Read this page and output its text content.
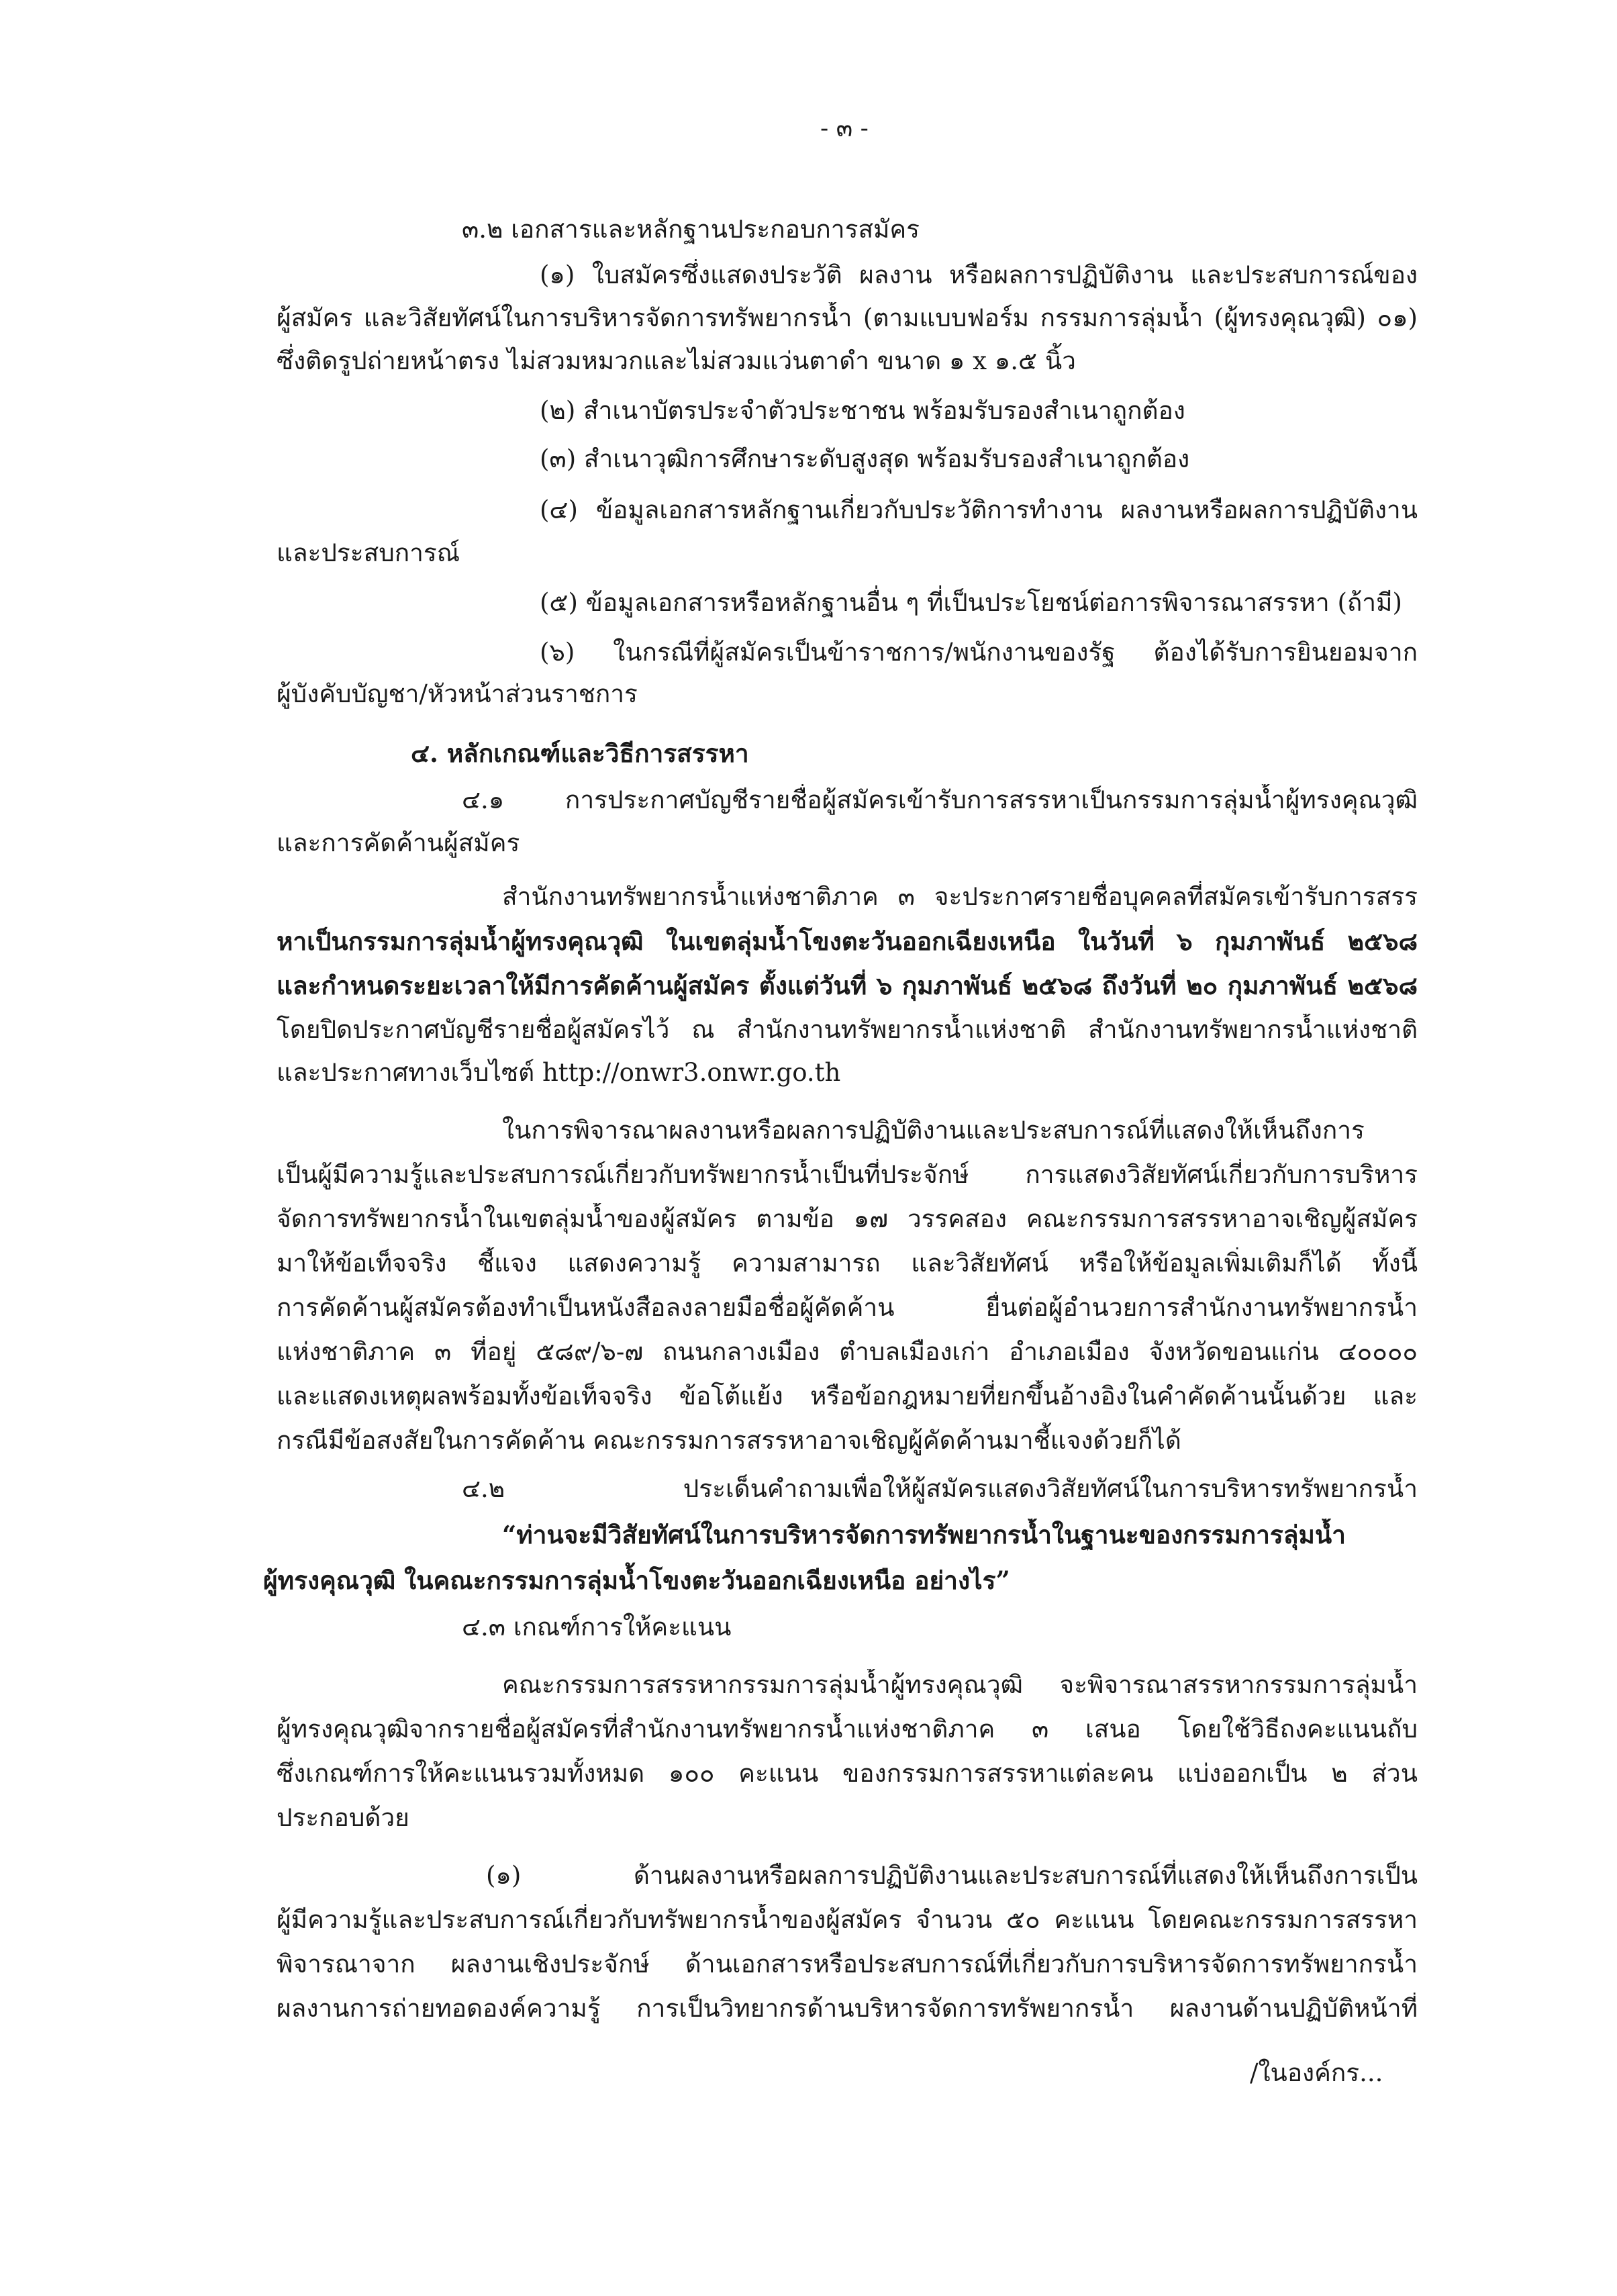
- ๓ -
๓.๒ เอกสารและหลักฐานประกอบการสมัคร
(๑) ใบสมัครซึ่งแสดงประวัติ ผลงาน หรือผลการปฏิบัติงาน และประสบการณ์ของ
ผู้สมัคร และวิสัยทัศน์ในการบริหารจัดการทรัพยากรน้ำ (ตามแบบฟอร์ม กรรมการลุ่มน้ำ (ผู้ทรงคุณวุฒิ) ๐๑)
ซึ่งติดรูปถ่ายหน้าตรง ไม่สวมหมวกและไม่สวมแว่นตาดำ ขนาด ๑ x ๑.๕ นิ้ว
(๒) สำเนาบัตรประจำตัวประชาชน พร้อมรับรองสำเนาถูกต้อง
(๓) สำเนาวุฒิการศึกษาระดับสูงสุด พร้อมรับรองสำเนาถูกต้อง
(๔) ข้อมูลเอกสารหลักฐานเกี่ยวกับประวัติการทำงาน ผลงานหรือผลการปฏิบัติงาน
และประสบการณ์
(๕) ข้อมูลเอกสารหรือหลักฐานอื่น ๆ ที่เป็นประโยชน์ต่อการพิจารณาสรรหา (ถ้ามี)
(๖) ในกรณีที่ผู้สมัครเป็นข้าราชการ/พนักงานของรัฐ ต้องได้รับการยินยอมจาก
ผู้บังคับบัญชา/หัวหน้าส่วนราชการ
๔. หลักเกณฑ์และวิธีการสรรหา
๔.๑ การประกาศบัญชีรายชื่อผู้สมัครเข้ารับการสรรหาเป็นกรรมการลุ่มน้ำผู้ทรงคุณวุฒิ
และการคัดค้านผู้สมัคร
สำนักงานทรัพยากรน้ำแห่งชาติภาค ๓ จะประกาศรายชื่อบุคคลที่สมัครเข้ารับการสรร
หาเป็นกรรมการลุ่มน้ำผู้ทรงคุณวุฒิ ในเขตลุ่มน้ำโขงตะวันออกเฉียงเหนือ ในวันที่ ๖ กุมภาพันธ์ ๒๕๖๘
และกำหนดระยะเวลาให้มีการคัดค้านผู้สมัคร ตั้งแต่วันที่ ๖ กุมภาพันธ์ ๒๕๖๘ ถึงวันที่ ๒๐ กุมภาพันธ์ ๒๕๖๘
โดยปิดประกาศบัญชีรายชื่อผู้สมัครไว้ ณ สำนักงานทรัพยากรน้ำแห่งชาติ สำนักงานทรัพยากรน้ำแห่งชาติ
และประกาศทางเว็บไซต์ http://onwr3.onwr.go.th
ในการพิจารณาผลงานหรือผลการปฏิบัติงานและประสบการณ์ที่แสดงให้เห็นถึงการ
เป็นผู้มีความรู้และประสบการณ์เกี่ยวกับทรัพยากรน้ำเป็นที่ประจักษ์ การแสดงวิสัยทัศน์เกี่ยวกับการบริหาร
จัดการทรัพยากรน้ำในเขตลุ่มน้ำของผู้สมัคร ตามข้อ ๑๗ วรรคสอง คณะกรรมการสรรหาอาจเชิญผู้สมัคร
มาให้ข้อเท็จจริง ชี้แจง แสดงความรู้ ความสามารถ และวิสัยทัศน์ หรือให้ข้อมูลเพิ่มเติมก็ได้ ทั้งนี้
การคัดค้านผู้สมัครต้องทำเป็นหนังสือลงลายมือชื่อผู้คัดค้าน ยื่นต่อผู้อำนวยการสำนักงานทรัพยากรน้ำ
แห่งชาติภาค ๓ ที่อยู่ ๕๘๙/๖-๗ ถนนกลางเมือง ตำบลเมืองเก่า อำเภอเมือง จังหวัดขอนแก่น ๔๐๐๐๐
และแสดงเหตุผลพร้อมทั้งข้อเท็จจริง ข้อโต้แย้ง หรือข้อกฎหมายที่ยกขึ้นอ้างอิงในคำคัดค้านนั้นด้วย และ
กรณีมีข้อสงสัยในการคัดค้าน คณะกรรมการสรรหาอาจเชิญผู้คัดค้านมาชี้แจงด้วยก็ได้
๔.๒ ประเด็นคำถามเพื่อให้ผู้สมัครแสดงวิสัยทัศน์ในการบริหารทรัพยากรน้ำ
“ท่านจะมีวิสัยทัศน์ในการบริหารจัดการทรัพยากรน้ำในฐานะของกรรมการลุ่มน้ำ
ผู้ทรงคุณวุฒิ ในคณะกรรมการลุ่มน้ำโขงตะวันออกเฉียงเหนือ อย่างไร”
๔.๓ เกณฑ์การให้คะแนน
คณะกรรมการสรรหากรรมการลุ่มน้ำผู้ทรงคุณวุฒิ จะพิจารณาสรรหากรรมการลุ่มน้ำ
ผู้ทรงคุณวุฒิจากรายชื่อผู้สมัครที่สำนักงานทรัพยากรน้ำแห่งชาติภาค ๓ เสนอ โดยใช้วิธีถงคะแนนถับ
ซึ่งเกณฑ์การให้คะแนนรวมทั้งหมด ๑๐๐ คะแนน ของกรรมการสรรหาแต่ละคน แบ่งออกเป็น ๒ ส่วน
ประกอบด้วย
(๑) ด้านผลงานหรือผลการปฏิบัติงานและประสบการณ์ที่แสดงให้เห็นถึงการเป็น
ผู้มีความรู้และประสบการณ์เกี่ยวกับทรัพยากรน้ำของผู้สมัคร จำนวน ๕๐ คะแนน โดยคณะกรรมการสรรหา
พิจารณาจาก ผลงานเชิงประจักษ์ ด้านเอกสารหรือประสบการณ์ที่เกี่ยวกับการบริหารจัดการทรัพยากรน้ำ
ผลงานการถ่ายทอดองค์ความรู้ การเป็นวิทยากรด้านบริหารจัดการทรัพยากรน้ำ ผลงานด้านปฏิบัติหน้าที่
/ในองค์กร...
